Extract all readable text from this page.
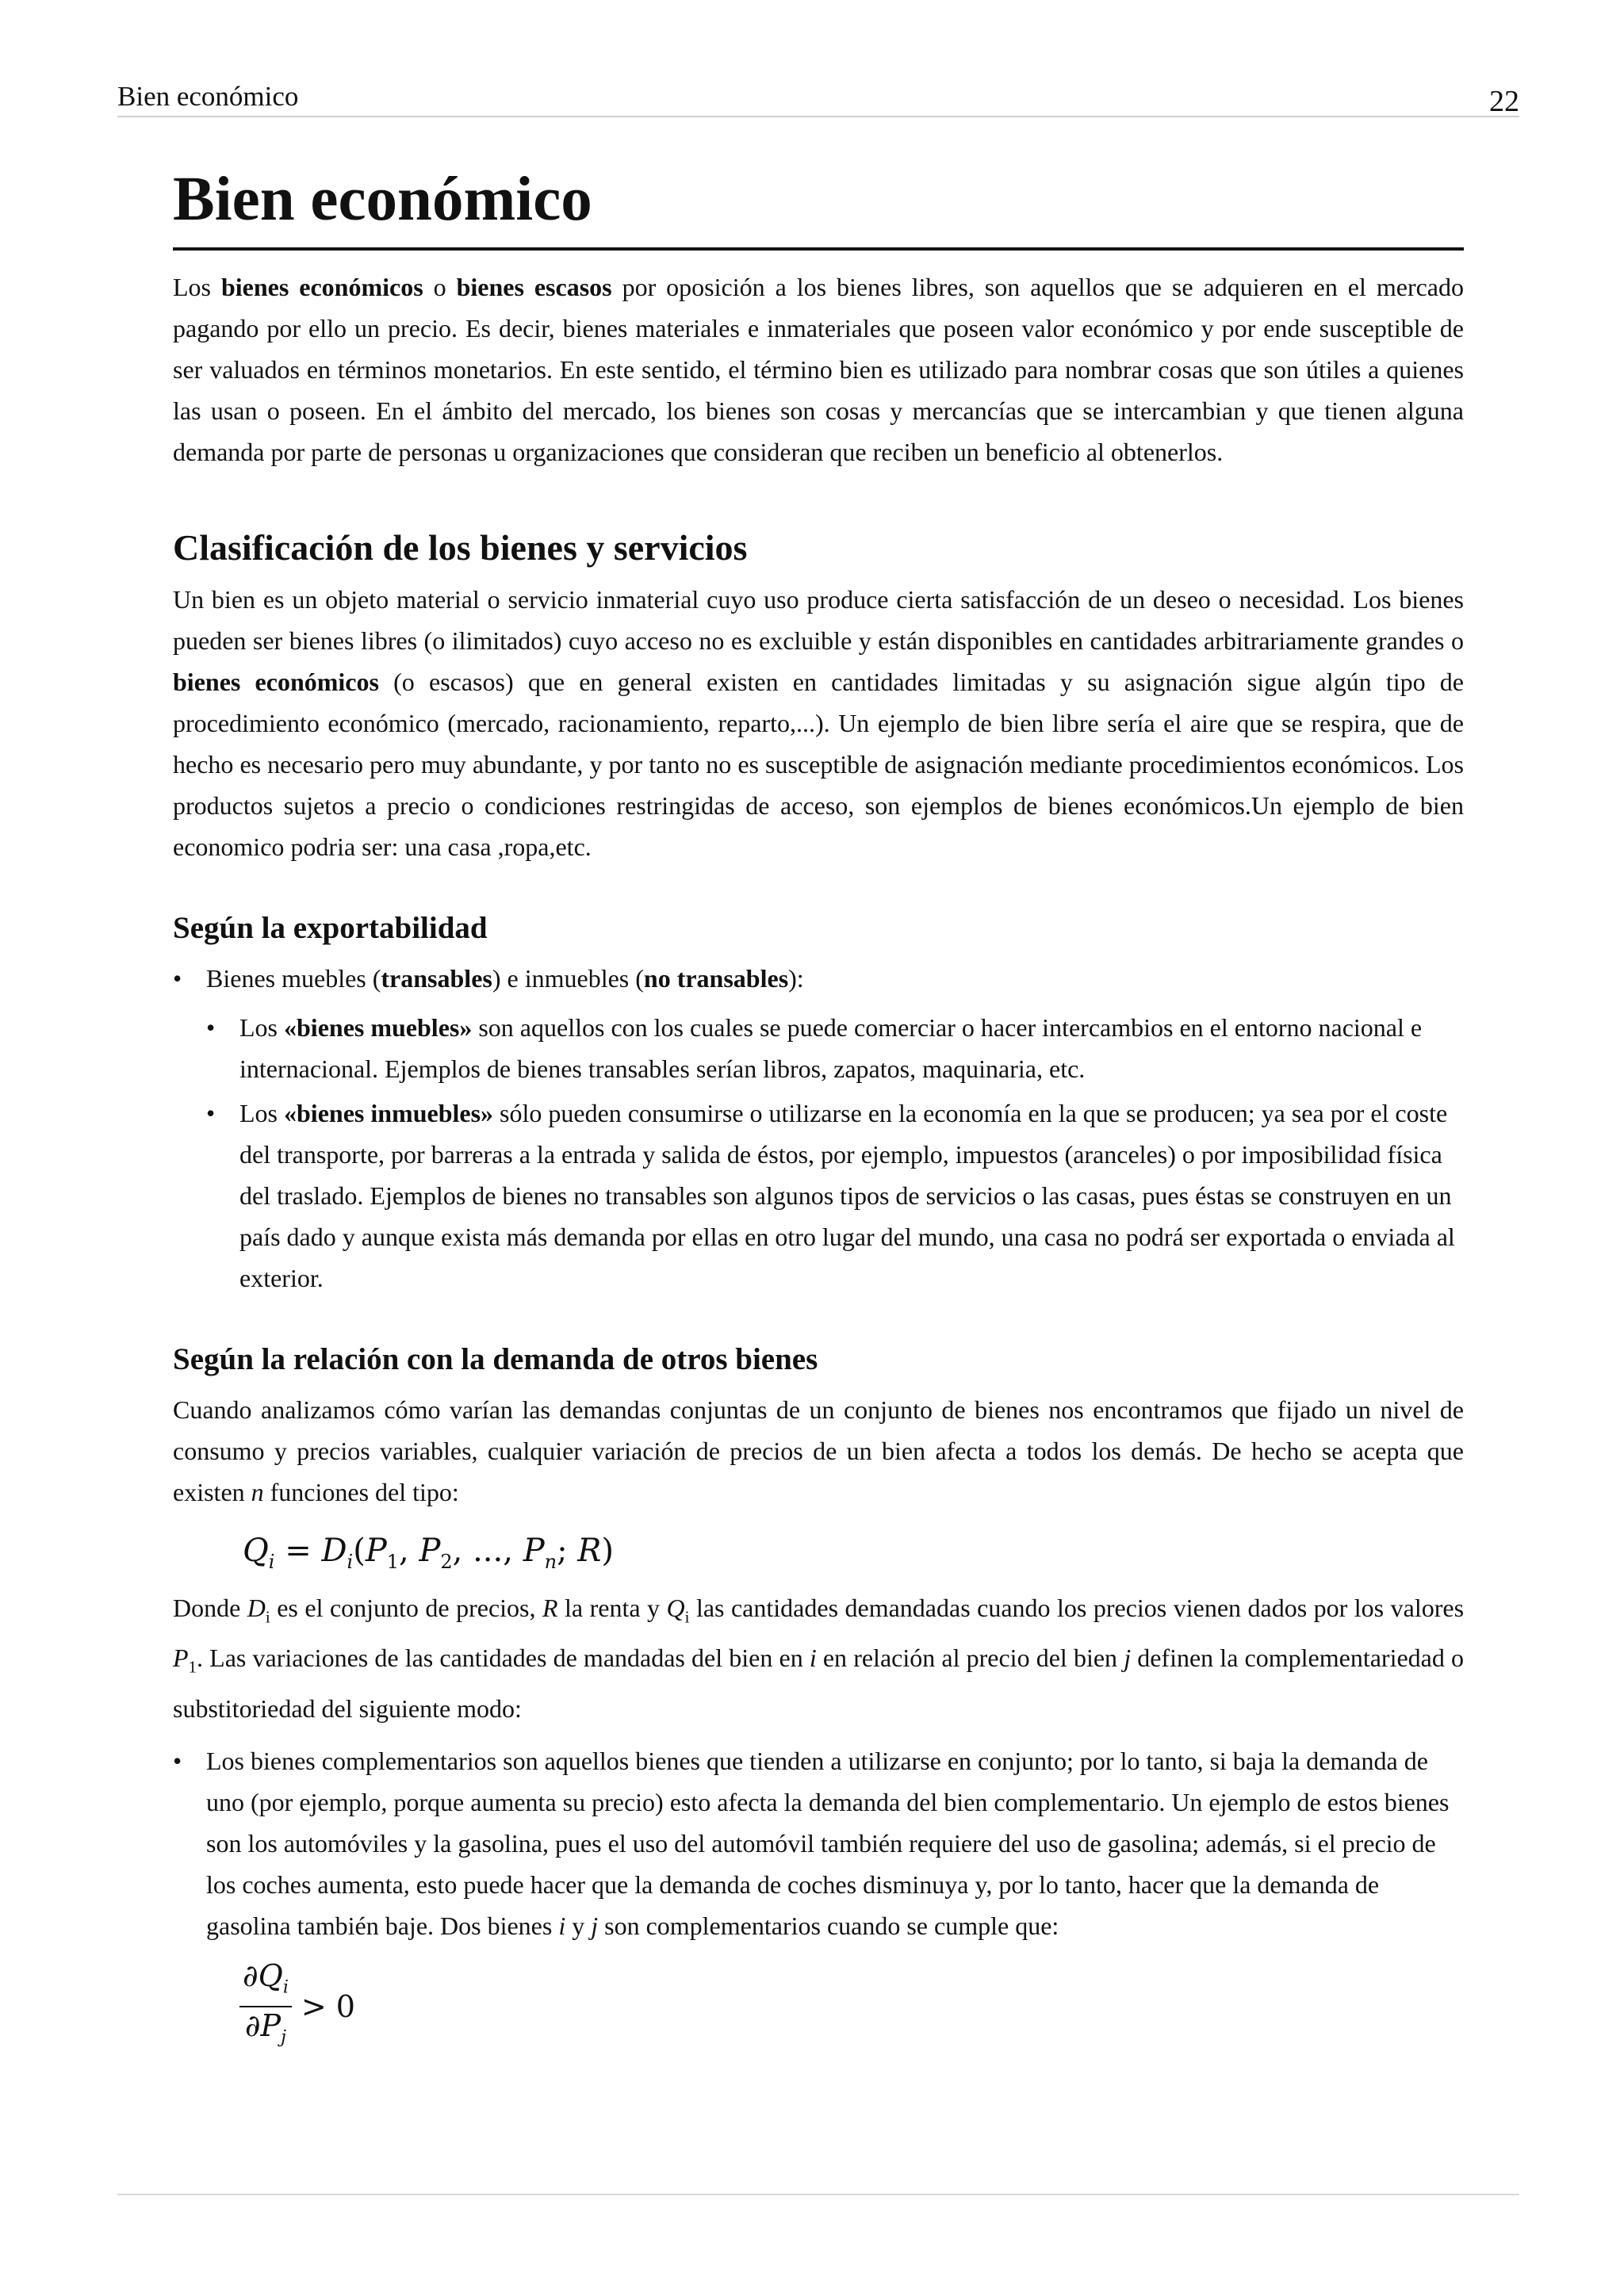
Bien económico	22
Bien económico

Los bienes económicos o bienes escasos por oposición a los bienes libres, son aquellos que se adquieren en el mercado pagando por ello un precio. Es decir, bienes materiales e inmateriales que poseen valor económico y por ende susceptible de ser valuados en términos monetarios. En este sentido, el término bien es utilizado para nombrar cosas que son útiles a quienes las usan o poseen. En el ámbito del mercado, los bienes son cosas y mercancías que se intercambian y que tienen alguna demanda por parte de personas u organizaciones que consideran que reciben un beneficio al obtenerlos.

Clasificación de los bienes y servicios

Un bien es un objeto material o servicio inmaterial cuyo uso produce cierta satisfacción de un deseo o necesidad. Los bienes pueden ser bienes libres (o ilimitados) cuyo acceso no es excluible y están disponibles en cantidades arbitrariamente grandes o bienes económicos (o escasos) que en general existen en cantidades limitadas y su asignación sigue algún tipo de procedimiento económico (mercado, racionamiento, reparto,...). Un ejemplo de bien libre sería el aire que se respira, que de hecho es necesario pero muy abundante, y por tanto no es susceptible de asignación mediante procedimientos económicos. Los productos sujetos a precio o condiciones restringidas de acceso, son ejemplos de bienes económicos.Un ejemplo de bien economico podria ser: una casa ,ropa,etc.

Según la exportabilidad
• Bienes muebles (transables) e inmuebles (no transables):
• Los «bienes muebles» son aquellos con los cuales se puede comerciar o hacer intercambios en el entorno nacional e internacional. Ejemplos de bienes transables serían libros, zapatos, maquinaria, etc.
• Los «bienes inmuebles» sólo pueden consumirse o utilizarse en la economía en la que se producen; ya sea por el coste del transporte, por barreras a la entrada y salida de éstos, por ejemplo, impuestos (aranceles) o por imposibilidad física del traslado. Ejemplos de bienes no transables son algunos tipos de servicios o las casas, pues éstas se construyen en un país dado y aunque exista más demanda por ellas en otro lugar del mundo, una casa no podrá ser exportada o enviada al exterior.
Según la relación con la demanda de otros bienes

Cuando analizamos cómo varían las demandas conjuntas de un conjunto de bienes nos encontramos que fijado un nivel de consumo y precios variables, cualquier variación de precios de un bien afecta a todos los demás. De hecho se acepta que existen n funciones del tipo:

$Q_i = D_i(P_1$, $P_2$, ..., $P_n$; R)

Donde $D_i$ es el conjunto de precios, R la renta y $Q_i$ las cantidades demandadas cuando los precios vienen dados por los valores $P_1$. Las variaciones de las cantidades de mandadas del bien en i en relación al precio del bien j definen la complementariedad o substitoriedad del siguiente modo:

• Los bienes complementarios son aquellos bienes que tienden a utilizarse en conjunto; por lo tanto, si baja la demanda de uno (por ejemplo, porque aumenta su precio) esto afecta la demanda del bien complementario. Un ejemplo de estos bienes son los automóviles y la gasolina, pues el uso del automóvil también requiere del uso de gasolina; además, si el precio de los coches aumenta, esto puede hacer que la demanda de coches disminuya y, por lo tanto, hacer que la demanda de gasolina también baje. Dos bienes i y j son complementarios cuando se cumple que:
$\frac{\partial Q_i}{\partial P_j} > 0$
